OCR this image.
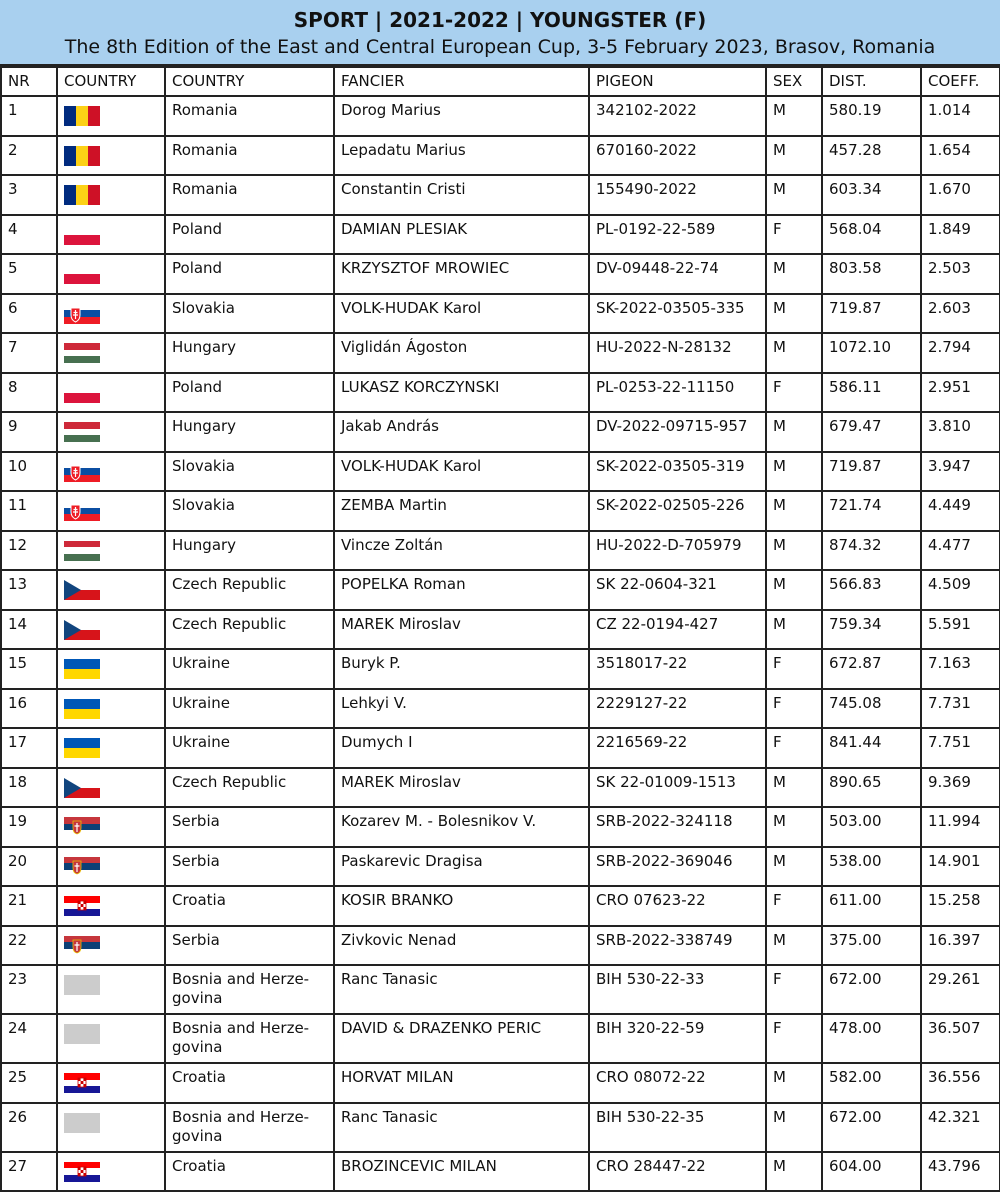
SPORT | 2021-2022 | YOUNGSTER (F)
The 8th Edition of the East and Central European Cup, 3-5 February 2023, Brasov, Romania
NR	COUNTRY	COUNTRY	FANCIER	PIGEON	SEX	DIST.	COEFF.
1		Romania	Dorog Marius	342102-2022	M	580.19	1.014
2		Romania	Lepadatu Marius	670160-2022	M	457.28	1.654
3		Romania	Constantin Cristi	155490-2022	M	603.34	1.670
4		Poland	DAMIAN PLESIAK	PL-0192-22-589	F	568.04	1.849
5		Poland	KRZYSZTOF MROWIEC	DV-09448-22-74	M	803.58	2.503
6		Slovakia	VOLK-HUDAK Karol	SK-2022-03505-335	M	719.87	2.603
7		Hungary	Viglidán Ágoston	HU-2022-N-28132	M	1072.10	2.794
8		Poland	LUKASZ KORCZYNSKI	PL-0253-22-11150	F	586.11	2.951
9		Hungary	Jakab András	DV-2022-09715-957	M	679.47	3.810
10		Slovakia	VOLK-HUDAK Karol	SK-2022-03505-319	M	719.87	3.947
11		Slovakia	ZEMBA Martin	SK-2022-02505-226	M	721.74	4.449
12		Hungary	Vincze Zoltán	HU-2022-D-705979	M	874.32	4.477
13		Czech Republic	POPELKA Roman	SK 22-0604-321	M	566.83	4.509
14		Czech Republic	MAREK Miroslav	CZ 22-0194-427	M	759.34	5.591
15		Ukraine	Buryk P.	3518017-22	F	672.87	7.163
16		Ukraine	Lehkyi V.	2229127-22	F	745.08	7.731
17		Ukraine	Dumych I	2216569-22	F	841.44	7.751
18		Czech Republic	MAREK Miroslav	SK 22-01009-1513	M	890.65	9.369
19		Serbia	Kozarev M. - Bolesnikov V.	SRB-2022-324118	M	503.00	11.994
20		Serbia	Paskarevic Dragisa	SRB-2022-369046	M	538.00	14.901
21		Croatia	KOSIR BRANKO	CRO 07623-22	F	611.00	15.258
22		Serbia	Zivkovic Nenad	SRB-2022-338749	M	375.00	16.397
23		Bosnia and Herze-govina	Ranc Tanasic	BIH 530-22-33	F	672.00	29.261
24		Bosnia and Herze-govina	DAVID & DRAZENKO PERIC	BIH 320-22-59	F	478.00	36.507
25		Croatia	HORVAT MILAN	CRO 08072-22	M	582.00	36.556
26		Bosnia and Herze-govina	Ranc Tanasic	BIH 530-22-35	M	672.00	42.321
27		Croatia	BROZINCEVIC MILAN	CRO 28447-22	M	604.00	43.796
